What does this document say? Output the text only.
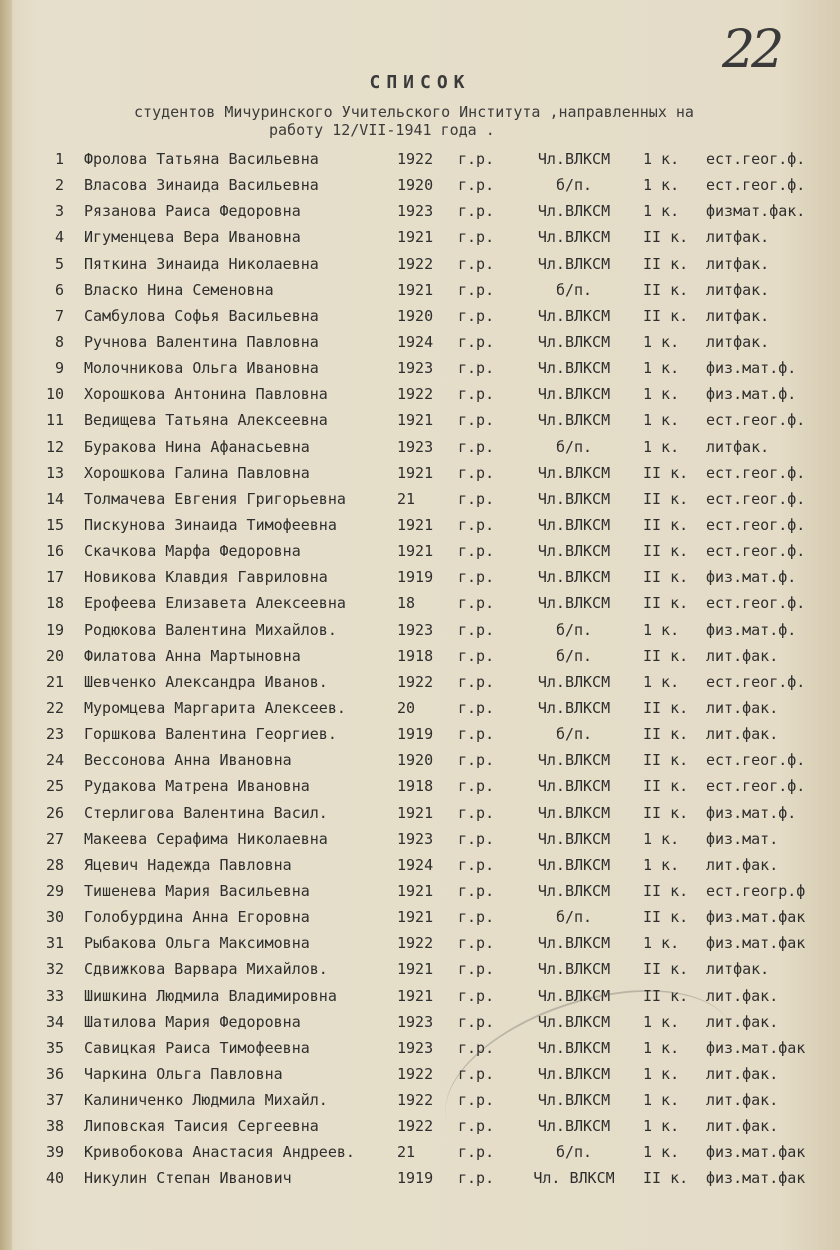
22
СПИСОК
студентов Мичуринского Учительского Института ,направленных на
работу 12/VII-1941 года .
1 Фролова Татьяна Васильевна	1922	г.р.	Чл.ВЛКСМ	1 к.	ест.геог.ф.
2 Власова Зинаида Васильевна	1920	г.р.	б/п.	1 к.	ест.геог.ф.
3 Рязанова Раиса Федоровна	1923	г.р.	Чл.ВЛКСМ	1 к.	физмат.фак.
4 Игуменцева Вера Ивановна	1921	г.р.	Чл.ВЛКСМ	II к.	литфак.
5 Пяткина Зинаида Николаевна	1922	г.р.	Чл.ВЛКСМ	II к.	литфак.
6 Власко Нина Семеновна	1921	г.р.	б/п.	II к.	литфак.
7 Самбулова Софья Васильевна	1920	г.р.	Чл.ВЛКСМ	II к.	литфак.
8 Ручнова Валентина Павловна	1924	г.р.	Чл.ВЛКСМ	1 к.	литфак.
9 Молочникова Ольга Ивановна	1923	г.р.	Чл.ВЛКСМ	1 к.	физ.мат.ф.
10 Хорошкова Антонина Павловна	1922	г.р.	Чл.ВЛКСМ	1 к.	физ.мат.ф.
11 Ведищева Татьяна Алексеевна	1921	г.р.	Чл.ВЛКСМ	1 к.	ест.геог.ф.
12 Буракова Нина Афанасьевна	1923	г.р.	б/п.	1 к.	литфак.
13 Хорошкова Галина Павловна	1921	г.р.	Чл.ВЛКСМ	II к.	ест.геог.ф.
14 Толмачева Евгения Григорьевна	21	г.р.	Чл.ВЛКСМ	II к.	ест.геог.ф.
15 Пискунова Зинаида Тимофеевна	1921	г.р.	Чл.ВЛКСМ	II к.	ест.геог.ф.
16 Скачкова Марфа Федоровна	1921	г.р.	Чл.ВЛКСМ	II к.	ест.геог.ф.
17 Новикова Клавдия Гавриловна	1919	г.р.	Чл.ВЛКСМ	II к.	физ.мат.ф.
18 Ерофеева Елизавета Алексеевна	18	г.р.	Чл.ВЛКСМ	II к.	ест.геог.ф.
19 Родюкова Валентина Михайлов.	1923	г.р.	б/п.	1 к.	физ.мат.ф.
20 Филатова Анна Мартыновна	1918	г.р.	б/п.	II к.	лит.фак.
21 Шевченко Александра Иванов.	1922	г.р.	Чл.ВЛКСМ	1 к.	ест.геог.ф.
22 Муромцева Маргарита Алексеев.	20	г.р.	Чл.ВЛКСМ	II к.	лит.фак.
23 Горшкова Валентина Георгиев.	1919	г.р.	б/п.	II к.	лит.фак.
24 Вессонова Анна Ивановна	1920	г.р.	Чл.ВЛКСМ	II к.	ест.геог.ф.
25 Рудакова Матрена Ивановна	1918	г.р.	Чл.ВЛКСМ	II к.	ест.геог.ф.
26 Стерлигова Валентина Васил.	1921	г.р.	Чл.ВЛКСМ	II к.	физ.мат.ф.
27 Макеева Серафима Николаевна	1923	г.р.	Чл.ВЛКСМ	1 к.	физ.мат.
28 Яцевич Надежда Павловна	1924	г.р.	Чл.ВЛКСМ	1 к.	лит.фак.
29 Тишенева Мария Васильевна	1921	г.р.	Чл.ВЛКСМ	II к.	ест.геогр.ф
30 Голобурдина Анна Егоровна	1921	г.р.	б/п.	II к.	физ.мат.фак
31 Рыбакова Ольга Максимовна	1922	г.р.	Чл.ВЛКСМ	1 к.	физ.мат.фак
32 Сдвижкова Варвара Михайлов.	1921	г.р.	Чл.ВЛКСМ	II к.	литфак.
33 Шишкина Людмила Владимировна	1921	г.р.	Чл.ВЛКСМ	II к.	лит.фак.
34 Шатилова Мария Федоровна	1923	г.р.	Чл.ВЛКСМ	1 к.	лит.фак.
35 Савицкая Раиса Тимофеевна	1923	г.р.	Чл.ВЛКСМ	1 к.	физ.мат.фак
36 Чаркина Ольга Павловна	1922	г.р.	Чл.ВЛКСМ	1 к.	лит.фак.
37 Калиниченко Людмила Михайл.	1922	г.р.	Чл.ВЛКСМ	1 к.	лит.фак.
38 Липовская Таисия Сергеевна	1922	г.р.	Чл.ВЛКСМ	1 к.	лит.фак.
39 Кривобокова Анастасия Андреев.	21	г.р.	б/п.	1 к.	физ.мат.фак
40 Никулин Степан Иванович	1919	г.р.	Чл. ВЛКСМ	II к.	физ.мат.фак
